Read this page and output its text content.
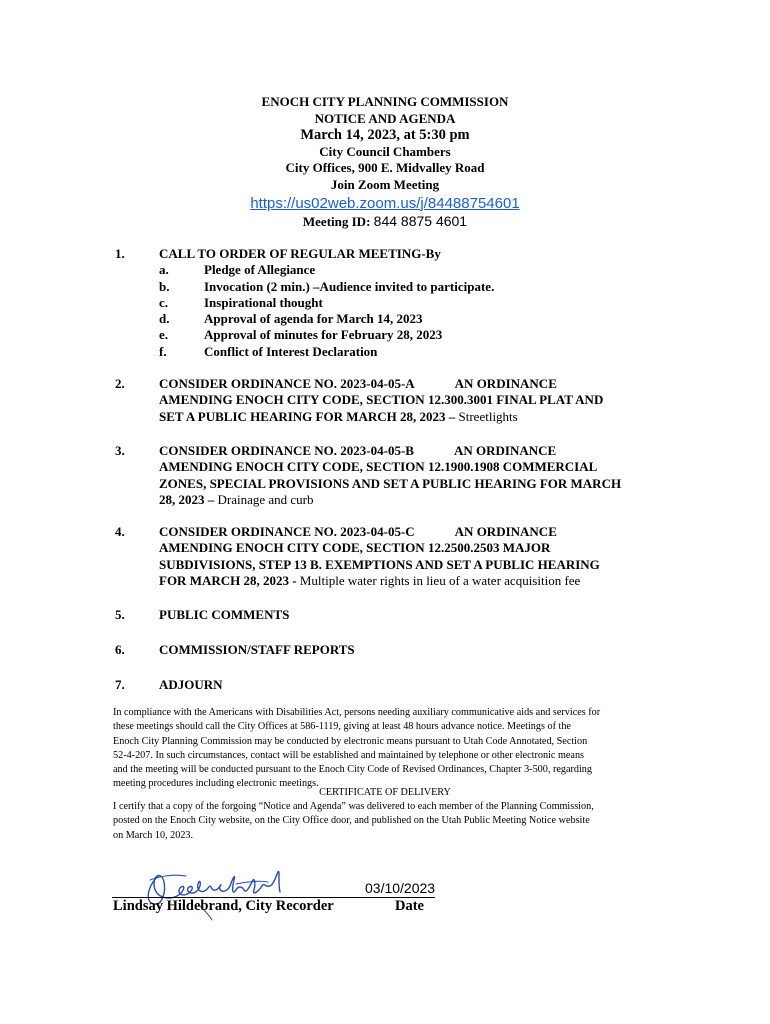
ENOCH CITY PLANNING COMMISSION
NOTICE AND AGENDA
March 14, 2023, at 5:30 pm
City Council Chambers
City Offices, 900 E. Midvalley Road
Join Zoom Meeting
https://us02web.zoom.us/j/84488754601
Meeting ID: 844 8875 4601
1.	CALL TO ORDER OF REGULAR MEETING-By
a.	Pledge of Allegiance
b.	Invocation (2 min.) –Audience invited to participate.
c.	Inspirational thought
d.	Approval of agenda for March 14, 2023
e.	Approval of minutes for February 28, 2023
f.	Conflict of Interest Declaration
2.	CONSIDER ORDINANCE NO. 2023-04-05-A	AN ORDINANCE
AMENDING ENOCH CITY CODE, SECTION 12.300.3001 FINAL PLAT AND
SET A PUBLIC HEARING FOR MARCH 28, 2023 – Streetlights
3.	CONSIDER ORDINANCE NO. 2023-04-05-B	AN ORDINANCE
AMENDING ENOCH CITY CODE, SECTION 12.1900.1908 COMMERCIAL
ZONES, SPECIAL PROVISIONS AND SET A PUBLIC HEARING FOR MARCH
28, 2023 – Drainage and curb
4.	CONSIDER ORDINANCE NO. 2023-04-05-C	AN ORDINANCE
AMENDING ENOCH CITY CODE, SECTION 12.2500.2503 MAJOR
SUBDIVISIONS, STEP 13 B. EXEMPTIONS AND SET A PUBLIC HEARING
FOR MARCH 28, 2023 - Multiple water rights in lieu of a water acquisition fee
5.	PUBLIC COMMENTS
6.	COMMISSION/STAFF REPORTS
7.	ADJOURN
In compliance with the Americans with Disabilities Act, persons needing auxiliary communicative aids and services for
these meetings should call the City Offices at 586-1119, giving at least 48 hours advance notice. Meetings of the
Enoch City Planning Commission may be conducted by electronic means pursuant to Utah Code Annotated, Section
52-4-207. In such circumstances, contact will be established and maintained by telephone or other electronic means
and the meeting will be conducted pursuant to the Enoch City Code of Revised Ordinances, Chapter 3-500, regarding
meeting procedures including electronic meetings.
CERTIFICATE OF DELIVERY
I certify that a copy of the forgoing “Notice and Agenda” was delivered to each member of the Planning Commission,
posted on the Enoch City website, on the City Office door, and published on the Utah Public Meeting Notice website
on March 10, 2023.
03/10/2023
Lindsay Hildebrand, City Recorder	Date
